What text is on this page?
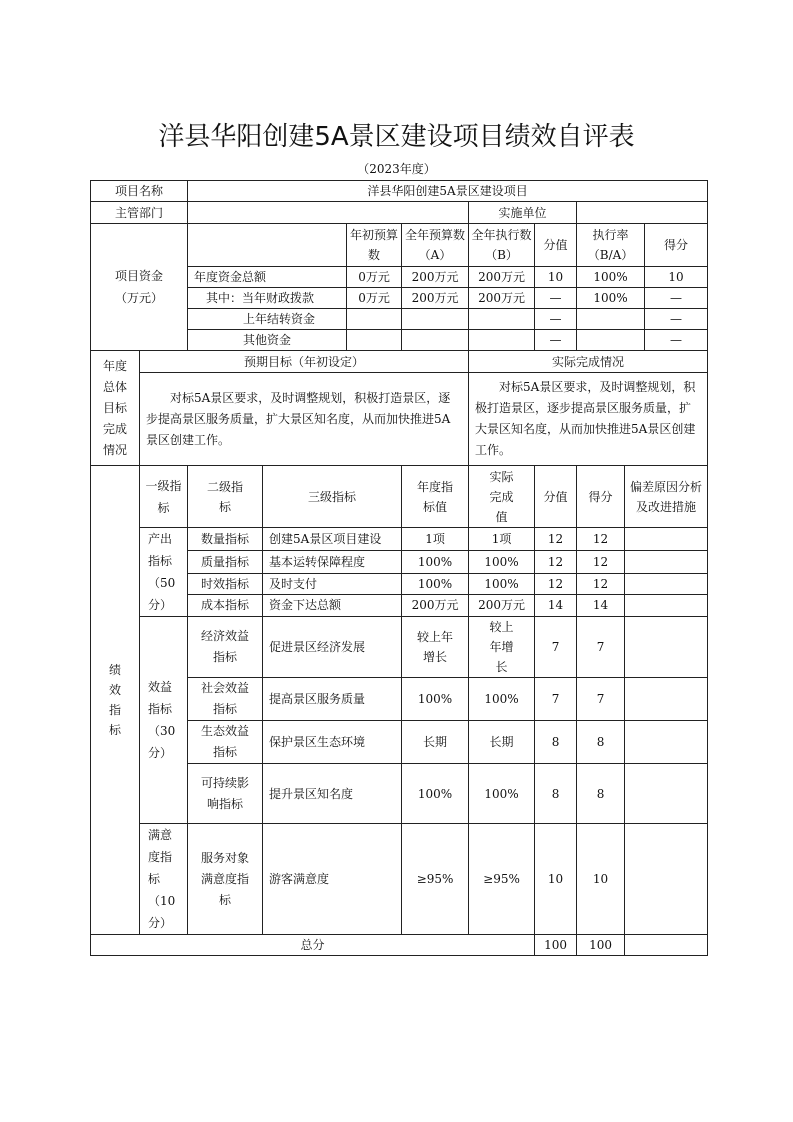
洋县华阳创建5A景区建设项目绩效自评表
（2023年度）
项目名称		洋县华阳创建5A景区建设项目								
主管部门						实施单位				
项目资金（万元）				年初预算数	全年预算数（A）	全年执行数（B）	分值	执行率（B/A）		得分
		年度资金总额		0万元	200万元	200万元	10	100%		10
		其中：当年财政拨款		0万元	200万元	200万元	—	100%		—
		上年结转资金					—			—
		其他资金					—			—
年度总体目标完成情况	预期目标（年初设定）					实际完成情况				
	对标5A景区要求，及时调整规划，积极打造景区，逐步提高景区服务质量，扩大景区知名度，从而加快推进5A景区创建工作。					对标5A景区要求，及时调整规划，积极打造景区，逐步提高景区服务质量，扩大景区知名度，从而加快推进5A景区创建工作。				
绩效指标	一级指标	二级指标	三级指标		年度指标值	实际完成值	分值	得分	偏差原因分析及改进措施	
	产出指标（50分）	数量指标	创建5A景区项目建设		1项	1项	12	12		
		质量指标	基本运转保障程度		100%	100%	12	12		
		时效指标	及时支付		100%	100%	12	12		
		成本指标	资金下达总额		200万元	200万元	14	14		
	效益指标（30分）	经济效益指标	促进景区经济发展		较上年增长	较上年增长	7	7		
		社会效益指标	提高景区服务质量		100%	100%	7	7		
		生态效益指标	保护景区生态环境		长期	长期	8	8		
		可持续影响指标	提升景区知名度		100%	100%	8	8		
	满意度指标（10分）	服务对象满意度指标	游客满意度		≥95%	≥95%	10	10		
总分							100	100		
